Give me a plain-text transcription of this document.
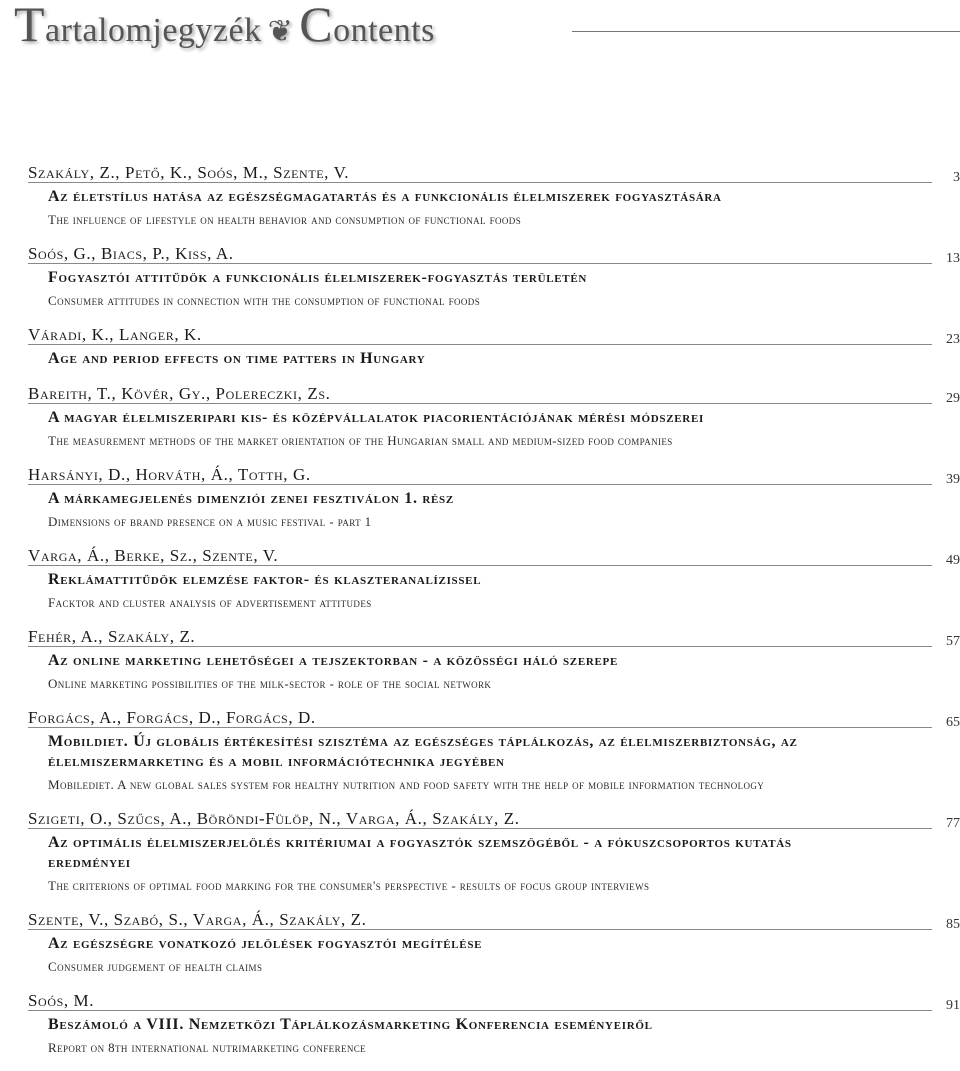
Tartalomjegyzék ❦ Contents
Szakály, Z., Pető, K., Soós, M., Szente, V.	3
Az életstílus hatása az egészségmagatartás és a funkcionális élelmiszerek fogyasztására
The influence of lifestyle on health behavior and consumption of functional foods
Soós, G., Biacs, P., Kiss, A.	13
Fogyasztói attitűdök a funkcionális élelmiszerek-fogyasztás területén
Consumer attitudes in connection with the consumption of functional foods
Váradi, K., Langer, K.	23
Age and period effects on time patters in Hungary
Bareith, T., Kövér, Gy., Polereczki, Zs.	29
A magyar élelmiszeripari kis- és középvállalatok piacorientációjának mérési módszerei
The measurement methods of the market orientation of the Hungarian small and medium-sized food companies
Harsányi, D., Horváth, Á., Totth, G.	39
A márkamegjelenés dimenziói zenei fesztiválon 1. rész
Dimensions of brand presence on a music festival - part 1
Varga, Á., Berke, Sz., Szente, V.	49
Reklámattitűdök elemzése faktor- és klaszteranalízissel
Facktor and cluster analysis of advertisement attitudes
Fehér, A., Szakály, Z.	57
Az online marketing lehetőségei a tejszektorban - a közösségi háló szerepe
Online marketing possibilities of the milk-sector - role of the social network
Forgács, A., Forgács, D., Forgács, D.	65
Mobildiet. Új globális értékesítési szisztéma az egészséges táplálkozás, az élelmiszerbiztonság, az élelmiszermarketing és a mobil információtechnika jegyében
Mobilediet. A new global sales system for healthy nutrition and food safety with the help of mobile information technology
Szigeti, O., Szűcs, A., Böröndi-Fülöp, N., Varga, Á., Szakály, Z.	77
Az optimális élelmiszerjelölés kritériumai a fogyasztók szemszögéből - a fókuszcsoportos kutatás eredményei
The criterions of optimal food marking for the consumer's perspective - results of focus group interviews
Szente, V., Szabó, S., Varga, Á., Szakály, Z.	85
Az egészségre vonatkozó jelölések fogyasztói megítélése
Consumer judgement of health claims
Soós, M.	91
Beszámoló a VIII. Nemzetközi Táplálkozásmarketing Konferencia eseményeiről
Report on 8th international nutrimarketing conference
